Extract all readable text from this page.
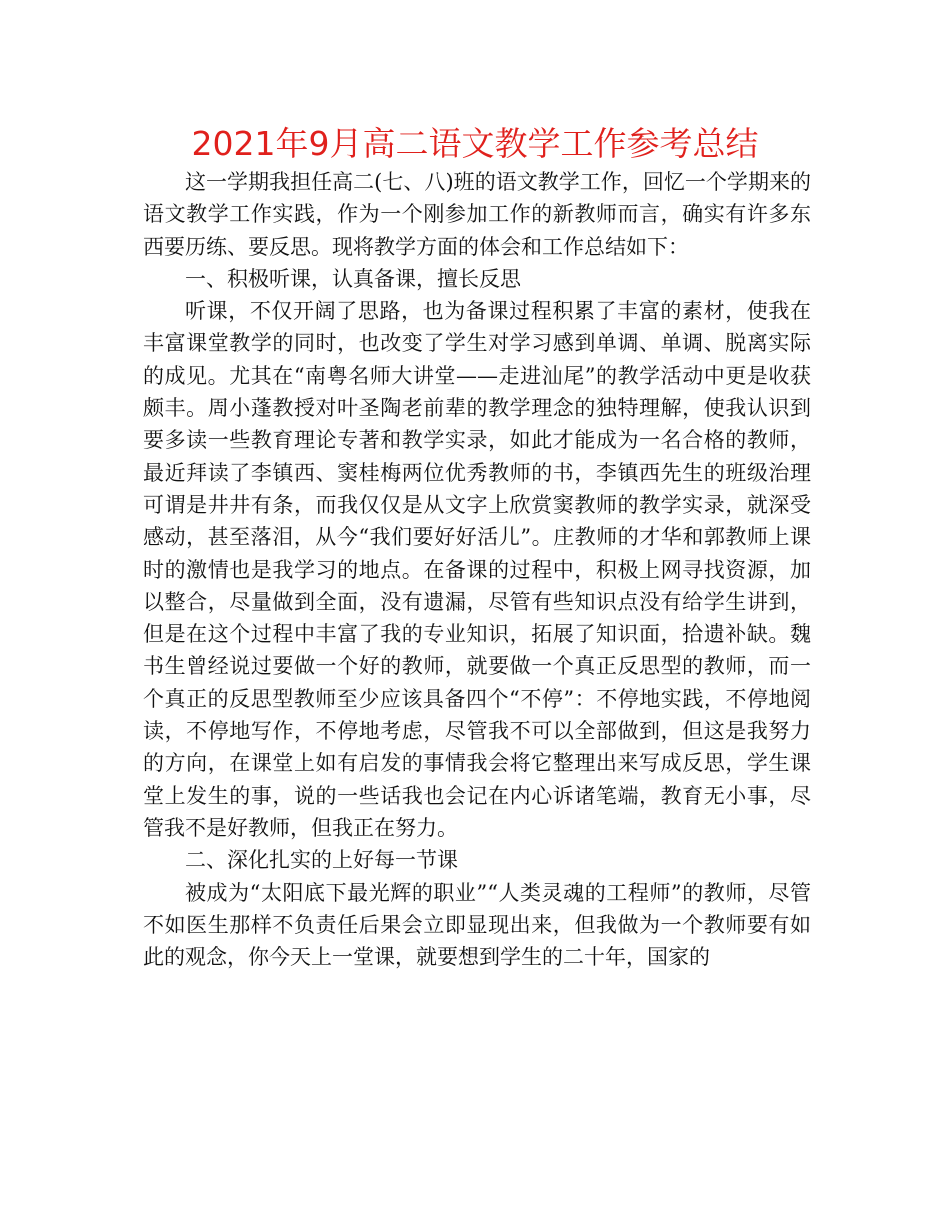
2021年9月高二语文教学工作参考总结

这一学期我担任高二(七、八)班的语文教学工作，回忆一个学期来的语文教学工作实践，作为一个刚参加工作的新教师而言，确实有许多东西要历练、要反思。现将教学方面的体会和工作总结如下：

一、积极听课，认真备课，擅长反思

听课，不仅开阔了思路，也为备课过程积累了丰富的素材，使我在丰富课堂教学的同时，也改变了学生对学习感到单调、单调、脱离实际的成见。尤其在“南粤名师大讲堂——走进汕尾”的教学活动中更是收获颇丰。周小蓬教授对叶圣陶老前辈的教学理念的独特理解，使我认识到要多读一些教育理论专著和教学实录，如此才能成为一名合格的教师，最近拜读了李镇西、窦桂梅两位优秀教师的书，李镇西先生的班级治理可谓是井井有条，而我仅仅是从文字上欣赏窦教师的教学实录，就深受感动，甚至落泪，从今“我们要好好活儿”。庄教师的才华和郭教师上课时的激情也是我学习的地点。在备课的过程中，积极上网寻找资源，加以整合，尽量做到全面，没有遗漏，尽管有些知识点没有给学生讲到，但是在这个过程中丰富了我的专业知识，拓展了知识面，拾遗补缺。魏书生曾经说过要做一个好的教师，就要做一个真正反思型的教师，而一个真正的反思型教师至少应该具备四个“不停”：不停地实践，不停地阅读，不停地写作，不停地考虑，尽管我不可以全部做到，但这是我努力的方向，在课堂上如有启发的事情我会将它整理出来写成反思，学生课堂上发生的事，说的一些话我也会记在内心诉诸笔端，教育无小事，尽管我不是好教师，但我正在努力。

二、深化扎实的上好每一节课

被成为“太阳底下最光辉的职业”“人类灵魂的工程师”的教师，尽管不如医生那样不负责任后果会立即显现出来，但我做为一个教师要有如此的观念，你今天上一堂课，就要想到学生的二十年，国家的
